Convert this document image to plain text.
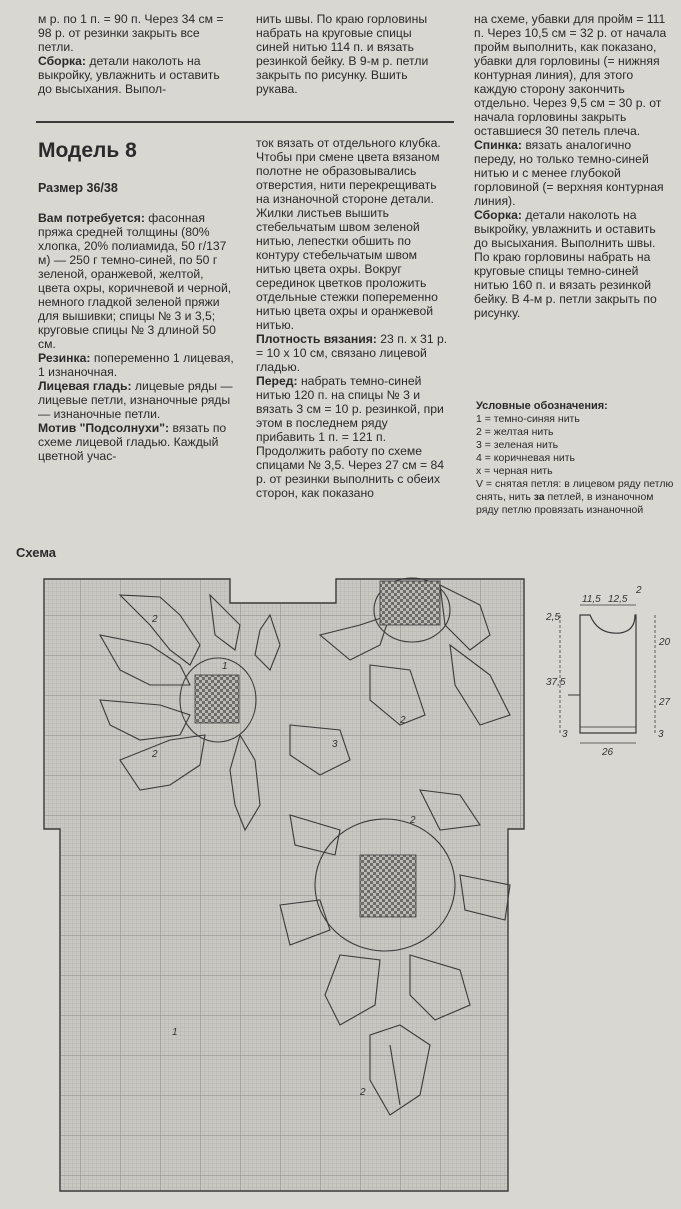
м р. по 1 п. = 90 п. Через 34 см = 98 р. от резинки закрыть все петли.

Сборка: детали наколоть на выкройку, увлажнить и оставить до высыхания. Выпол-

нить швы. По краю горловины набрать на круговые спицы синей нитью 114 п. и вязать резинкой бейку. В 9-м р. петли закрыть по рисунку. Вшить рукава.

Модель 8
Размер 36/38

Вам потребуется: фасонная пряжа средней толщины (80% хлопка, 20% полиамида, 50 г/137 м) — 250 г темно-синей, по 50 г зеленой, оранжевой, желтой, цвета охры, коричневой и черной, немного гладкой зеленой пряжи для вышивки; спицы № 3 и 3,5; круговые спицы № 3 длиной 50 см.

Резинка: попеременно 1 лицевая, 1 изнаночная.

Лицевая гладь: лицевые ряды — лицевые петли, изнаночные ряды — изнаночные петли.

Мотив "Подсолнухи": вязать по схеме лицевой гладью. Каждый цветной учас-

ток вязать от отдельного клубка. Чтобы при смене цвета вязаном полотне не образовывались отверстия, нити перекрещивать на изнаночной стороне детали. Жилки листьев вышить стебельчатым швом зеленой нитью, лепестки обшить по контуру стебельчатым швом нитью цвета охры. Вокруг серединок цветков проложить отдельные стежки попеременно нитью цвета охры и оранжевой нитью.

Плотность вязания: 23 п. х 31 р. = 10 х 10 см, связано лицевой гладью.

Перед: набрать темно-синей нитью 120 п. на спицы № 3 и вязать 3 см = 10 р. резинкой, при этом в последнем ряду прибавить 1 п. = 121 п. Продолжить работу по схеме спицами № 3,5. Через 27 см = 84 р. от резинки выполнить с обеих сторон, как показано

на схеме, убавки для пройм = 111 п. Через 10,5 см = 32 р. от начала пройм выполнить, как показано, убавки для горловины (= нижняя контурная линия), для этого каждую сторону закончить отдельно. Через 9,5 см = 30 р. от начала горловины закрыть оставшиеся 30 петель плеча.

Спинка: вязать аналогично переду, но только темно-синей нитью и с менее глубокой горловиной (= верхняя контурная линия).

Сборка: детали наколоть на выкройку, увлажнить и оставить до высыхания. Выполнить швы. По краю горловины набрать на круговые спицы темно-синей нитью 160 п. и вязать резинкой бейку. В 4-м р. петли закрыть по рисунку.

Условные обозначения:
1 = темно-синяя нить
2 = желтая нить
3 = зеленая нить
4 = коричневая нить
х = черная нить
V = снятая петля: в лицевом ряду петлю снять, нить за петлей, в изнаночном ряду петлю провязать изнаночной
Схема
2
2
2
2
2
3
1
1
11,5 12,5
2
2,5
37,5
20
27
3	3
26
